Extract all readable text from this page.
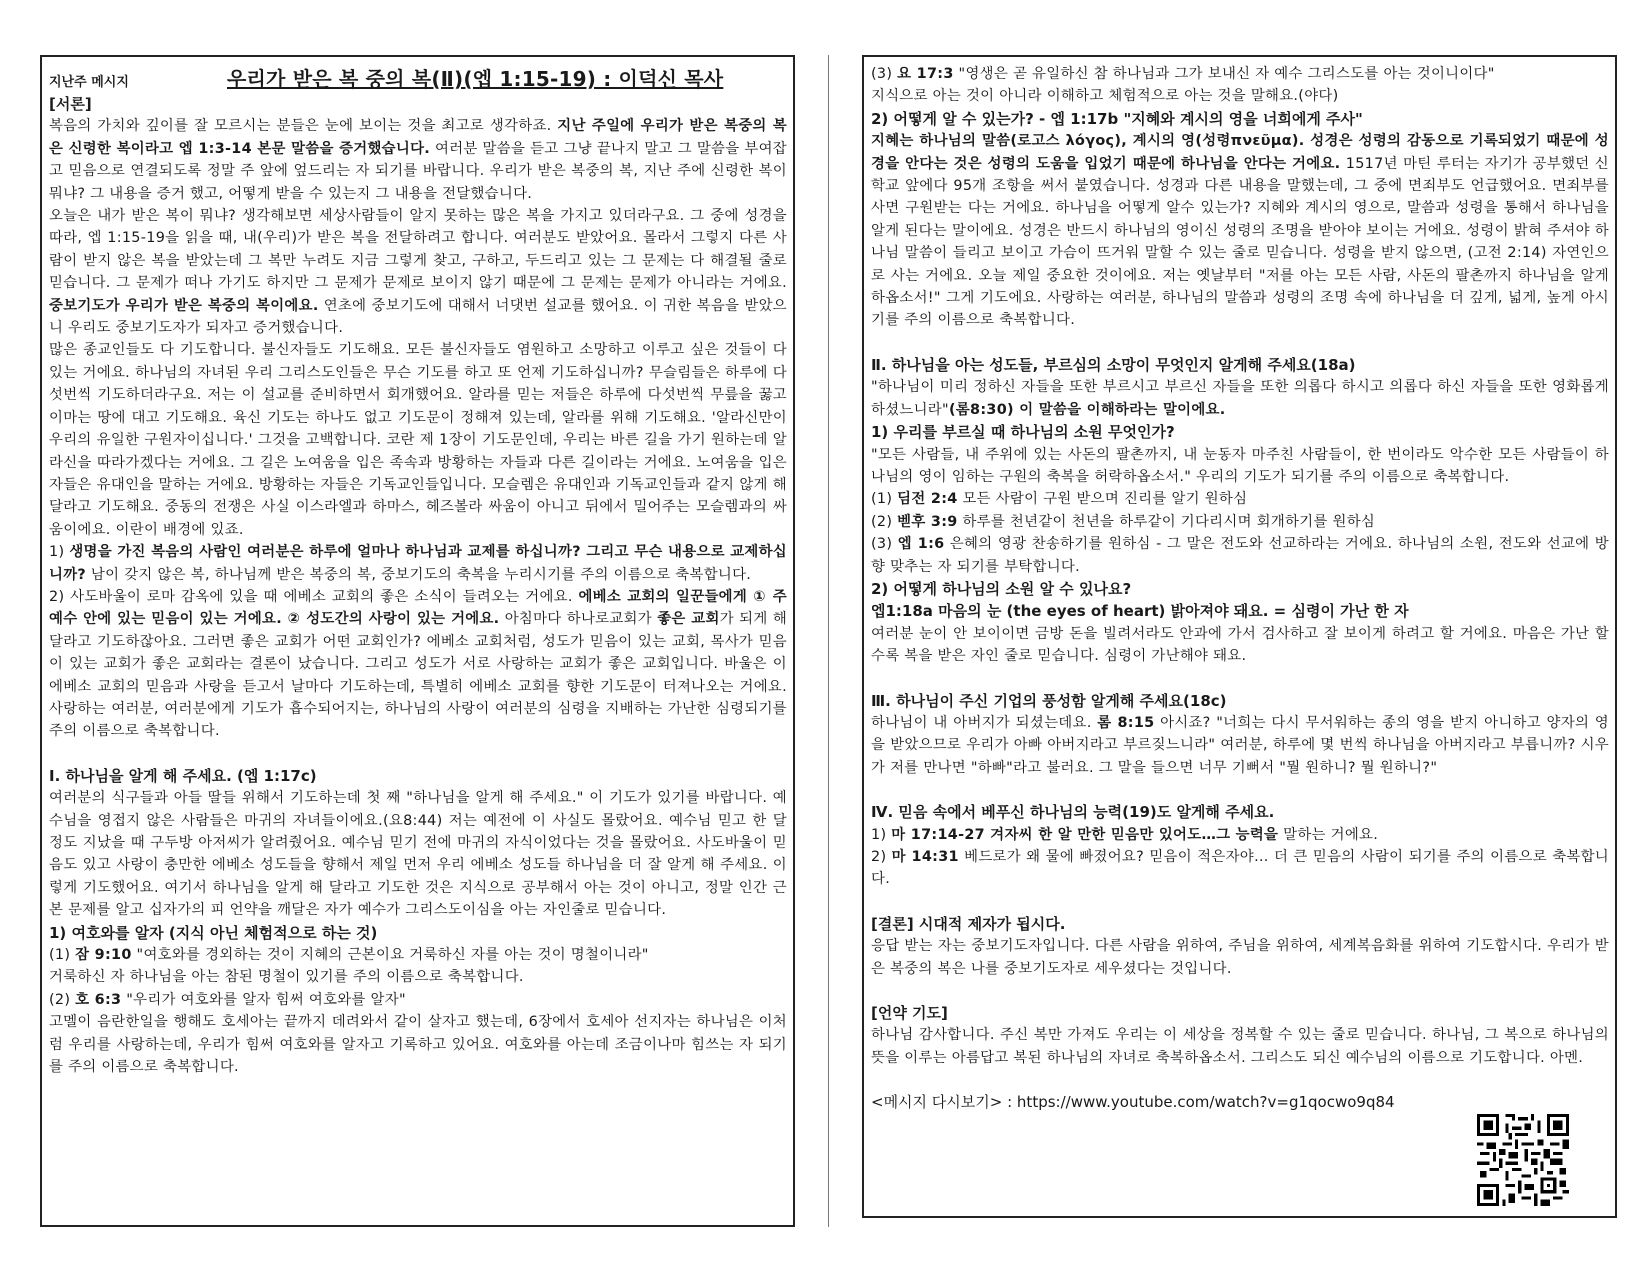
지난주 메시지	우리가 받은 복 중의 복(Ⅱ)(엡 1:15-19) : 이덕신 목사

[서론]

복음의 가치와 깊이를 잘 모르시는 분들은 눈에 보이는 것을 최고로 생각하죠. 지난 주일에 우리가 받은 복중의 복은 신령한 복이라고 엡 1:3-14 본문 말씀을 증거했습니다. 여러분 말씀을 듣고 그냥 끝나지 말고 그 말씀을 부여잡고 믿음으로 연결되도록 정말 주 앞에 엎드리는 자 되기를 바랍니다. 우리가 받은 복중의 복, 지난 주에 신령한 복이 뭐냐? 그 내용을 증거 했고, 어떻게 받을 수 있는지 그 내용을 전달했습니다.

오늘은 내가 받은 복이 뭐냐? 생각해보면 세상사람들이 알지 못하는 많은 복을 가지고 있더라구요. 그 중에 성경을 따라, 엡 1:15-19을 읽을 때, 내(우리)가 받은 복을 전달하려고 합니다. 여러분도 받았어요. 몰라서 그렇지 다른 사람이 받지 않은 복을 받았는데 그 복만 누려도 지금 그렇게 찾고, 구하고, 두드리고 있는 그 문제는 다 해결될 줄로 믿습니다. 그 문제가 떠나 가기도 하지만 그 문제가 문제로 보이지 않기 때문에 그 문제는 문제가 아니라는 거에요. 중보기도가 우리가 받은 복중의 복이에요. 연초에 중보기도에 대해서 너댓번 설교를 했어요. 이 귀한 복음을 받았으니 우리도 중보기도자가 되자고 증거했습니다.

많은 종교인들도 다 기도합니다. 불신자들도 기도해요. 모든 불신자들도 염원하고 소망하고 이루고 싶은 것들이 다 있는 거에요. 하나님의 자녀된 우리 그리스도인들은 무슨 기도를 하고 또 언제 기도하십니까? 무슬림들은 하루에 다섯번씩 기도하더라구요. 저는 이 설교를 준비하면서 회개했어요. 알라를 믿는 저들은 하루에 다섯번씩 무릎을 꿇고 이마는 땅에 대고 기도해요. 육신 기도는 하나도 없고 기도문이 정해져 있는데, 알라를 위해 기도해요. '알라신만이 우리의 유일한 구원자이십니다.' 그것을 고백합니다. 코란 제 1장이 기도문인데, 우리는 바른 길을 가기 원하는데 알라신을 따라가겠다는 거에요. 그 길은 노여움을 입은 족속과 방황하는 자들과 다른 길이라는 거에요. 노여움을 입은 자들은 유대인을 말하는 거에요. 방황하는 자들은 기독교인들입니다. 모슬렘은 유대인과 기독교인들과 같지 않게 해 달라고 기도해요. 중동의 전쟁은 사실 이스라엘과 하마스, 헤즈볼라 싸움이 아니고 뒤에서 밀어주는 모슬렘과의 싸움이에요. 이란이 배경에 있죠.

1) 생명을 가진 복음의 사람인 여러분은 하루에 얼마나 하나님과 교제를 하십니까? 그리고 무슨 내용으로 교제하십니까? 남이 갖지 않은 복, 하나님께 받은 복중의 복, 중보기도의 축복을 누리시기를 주의 이름으로 축복합니다.

2) 사도바울이 로마 감옥에 있을 때 에베소 교회의 좋은 소식이 들려오는 거에요. 에베소 교회의 일꾼들에게 ① 주 예수 안에 있는 믿음이 있는 거에요. ② 성도간의 사랑이 있는 거에요. 아침마다 하나로교회가 좋은 교회가 되게 해 달라고 기도하잖아요. 그러면 좋은 교회가 어떤 교회인가? 에베소 교회처럼, 성도가 믿음이 있는 교회, 목사가 믿음이 있는 교회가 좋은 교회라는 결론이 났습니다. 그리고 성도가 서로 사랑하는 교회가 좋은 교회입니다. 바울은 이 에베소 교회의 믿음과 사랑을 듣고서 날마다 기도하는데, 특별히 에베소 교회를 향한 기도문이 터져나오는 거에요. 사랑하는 여러분, 여러분에게 기도가 흡수되어지는, 하나님의 사랑이 여러분의 심령을 지배하는 가난한 심령되기를 주의 이름으로 축복합니다.

Ⅰ. 하나님을 알게 해 주세요. (엡 1:17c)

여러분의 식구들과 아들 딸들 위해서 기도하는데 첫 째 "하나님을 알게 해 주세요." 이 기도가 있기를 바랍니다. 예수님을 영접지 않은 사람들은 마귀의 자녀들이에요.(요8:44) 저는 예전에 이 사실도 몰랐어요. 예수님 믿고 한 달 정도 지났을 때 구두방 아저씨가 알려줬어요. 예수님 믿기 전에 마귀의 자식이었다는 것을 몰랐어요. 사도바울이 믿음도 있고 사랑이 충만한 에베소 성도들을 향해서 제일 먼저 우리 에베소 성도들 하나님을 더 잘 알게 해 주세요. 이렇게 기도했어요. 여기서 하나님을 알게 해 달라고 기도한 것은 지식으로 공부해서 아는 것이 아니고, 정말 인간 근본 문제를 알고 십자가의 피 언약을 깨달은 자가 예수가 그리스도이심을 아는 자인줄로 믿습니다.

1) 여호와를 알자 (지식 아닌 체험적으로 하는 것)

(1) 잠 9:10 "여호와를 경외하는 것이 지혜의 근본이요 거룩하신 자를 아는 것이 명철이니라"

거룩하신 자 하나님을 아는 참된 명철이 있기를 주의 이름으로 축복합니다.

(2) 호 6:3 "우리가 여호와를 알자 힘써 여호와를 알자"

고멜이 음란한일을 행해도 호세아는 끝까지 데려와서 같이 살자고 했는데, 6장에서 호세아 선지자는 하나님은 이처럼 우리를 사랑하는데, 우리가 힘써 여호와를 알자고 기록하고 있어요. 여호와를 아는데 조금이나마 힘쓰는 자 되기를 주의 이름으로 축복합니다.

(3) 요 17:3 "영생은 곧 유일하신 참 하나님과 그가 보내신 자 예수 그리스도를 아는 것이니이다"

지식으로 아는 것이 아니라 이해하고 체험적으로 아는 것을 말해요.(야다)

2) 어떻게 알 수 있는가? - 엡 1:17b "지혜와 계시의 영을 너희에게 주사"

지혜는 하나님의 말씀(로고스 λόγος), 계시의 영(성령πνεῦμα). 성경은 성령의 감동으로 기록되었기 때문에 성경을 안다는 것은 성령의 도움을 입었기 때문에 하나님을 안다는 거에요. 1517년 마틴 루터는 자기가 공부했던 신학교 앞에다 95개 조항을 써서 붙였습니다. 성경과 다른 내용을 말했는데, 그 중에 면죄부도 언급했어요. 면죄부를 사면 구원받는 다는 거에요. 하나님을 어떻게 알수 있는가? 지혜와 계시의 영으로, 말씀과 성령을 통해서 하나님을 알게 된다는 말이에요. 성경은 반드시 하나님의 영이신 성령의 조명을 받아야 보이는 거에요. 성령이 밝혀 주셔야 하나님 말씀이 들리고 보이고 가슴이 뜨거워 말할 수 있는 줄로 믿습니다. 성령을 받지 않으면, (고전 2:14) 자연인으로 사는 거에요. 오늘 제일 중요한 것이에요. 저는 옛날부터 "저를 아는 모든 사람, 사돈의 팔촌까지 하나님을 알게 하옵소서!" 그게 기도에요. 사랑하는 여러분, 하나님의 말씀과 성령의 조명 속에 하나님을 더 깊게, 넓게, 높게 아시기를 주의 이름으로 축복합니다.

Ⅱ. 하나님을 아는 성도들, 부르심의 소망이 무엇인지 알게해 주세요(18a)

"하나님이 미리 정하신 자들을 또한 부르시고 부르신 자들을 또한 의롭다 하시고 의롭다 하신 자들을 또한 영화롭게 하셨느니라"(롬8:30) 이 말씀을 이해하라는 말이에요.

1) 우리를 부르실 때 하나님의 소원 무엇인가?

"모든 사람들, 내 주위에 있는 사돈의 팔촌까지, 내 눈동자 마주친 사람들이, 한 번이라도 악수한 모든 사람들이 하나님의 영이 임하는 구원의 축복을 허락하옵소서." 우리의 기도가 되기를 주의 이름으로 축복합니다.

(1) 딤전 2:4 모든 사람이 구원 받으며 진리를 알기 원하심

(2) 벧후 3:9 하루를 천년같이 천년을 하루같이 기다리시며 회개하기를 원하심

(3) 엡 1:6 은혜의 영광 찬송하기를 원하심 - 그 말은 전도와 선교하라는 거에요. 하나님의 소원, 전도와 선교에 방향 맞추는 자 되기를 부탁합니다.

2) 어떻게 하나님의 소원 알 수 있나요?

엡1:18a 마음의 눈 (the eyes of heart) 밝아져야 돼요. = 심령이 가난 한 자

여러분 눈이 안 보이이면 금방 돈을 빌려서라도 안과에 가서 검사하고 잘 보이게 하려고 할 거에요. 마음은 가난 할 수록 복을 받은 자인 줄로 믿습니다. 심령이 가난해야 돼요.

Ⅲ. 하나님이 주신 기업의 풍성함 알게해 주세요(18c)

하나님이 내 아버지가 되셨는데요. 롬 8:15 아시죠? "너희는 다시 무서워하는 종의 영을 받지 아니하고 양자의 영을 받았으므로 우리가 아빠 아버지라고 부르짖느니라" 여러분, 하루에 몇 번씩 하나님을 아버지라고 부릅니까? 시우가 저를 만나면 "하빠"라고 불러요. 그 말을 들으면 너무 기뻐서 "뭘 원하니? 뭘 원하니?"

Ⅳ. 믿음 속에서 베푸신 하나님의 능력(19)도 알게해 주세요.

1) 마 17:14-27 겨자씨 한 알 만한 믿음만 있어도…그 능력을 말하는 거에요.

2) 마 14:31 베드로가 왜 물에 빠졌어요? 믿음이 적은자야… 더 큰 믿음의 사람이 되기를 주의 이름으로 축복합니다.

[결론] 시대적 제자가 됩시다.

응답 받는 자는 중보기도자입니다. 다른 사람을 위하여, 주님을 위하여, 세계복음화를 위하여 기도합시다. 우리가 받은 복중의 복은 나를 중보기도자로 세우셨다는 것입니다.

[언약 기도]

하나님 감사합니다. 주신 복만 가져도 우리는 이 세상을 정복할 수 있는 줄로 믿습니다. 하나님, 그 복으로 하나님의 뜻을 이루는 아름답고 복된 하나님의 자녀로 축복하옵소서. 그리스도 되신 예수님의 이름으로 기도합니다. 아멘.

<메시지 다시보기> : https://www.youtube.com/watch?v=g1qocwo9q84
